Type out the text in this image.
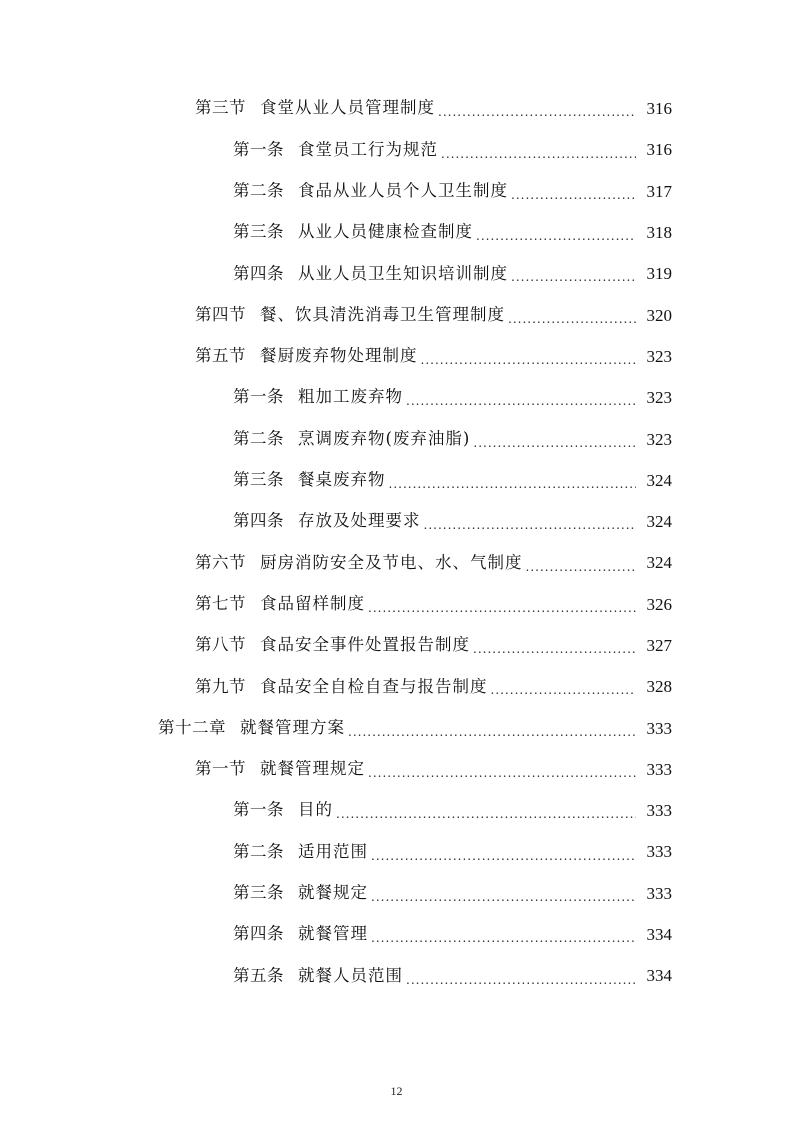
第三节 食堂从业人员管理制度 .....	316
第一条 食堂员工行为规范 .....	316
第二条 食品从业人员个人卫生制度 .....	317
第三条 从业人员健康检查制度 .....	318
第四条 从业人员卫生知识培训制度 .....	319
第四节 餐、饮具清洗消毒卫生管理制度 .....	320
第五节 餐厨废弃物处理制度 .....	323
第一条 粗加工废弃物 .....	323
第二条 烹调废弃物(废弃油脂) .....	323
第三条 餐桌废弃物 .....	324
第四条 存放及处理要求 .....	324
第六节 厨房消防安全及节电、水、气制度 .....	324
第七节 食品留样制度 .....	326
第八节 食品安全事件处置报告制度 .....	327
第九节 食品安全自检自查与报告制度 .....	328
第十二章 就餐管理方案 .....	333
第一节 就餐管理规定 .....	333
第一条 目的 .....	333
第二条 适用范围 .....	333
第三条 就餐规定 .....	333
第四条 就餐管理 .....	334
第五条 就餐人员范围 .....	334
12
